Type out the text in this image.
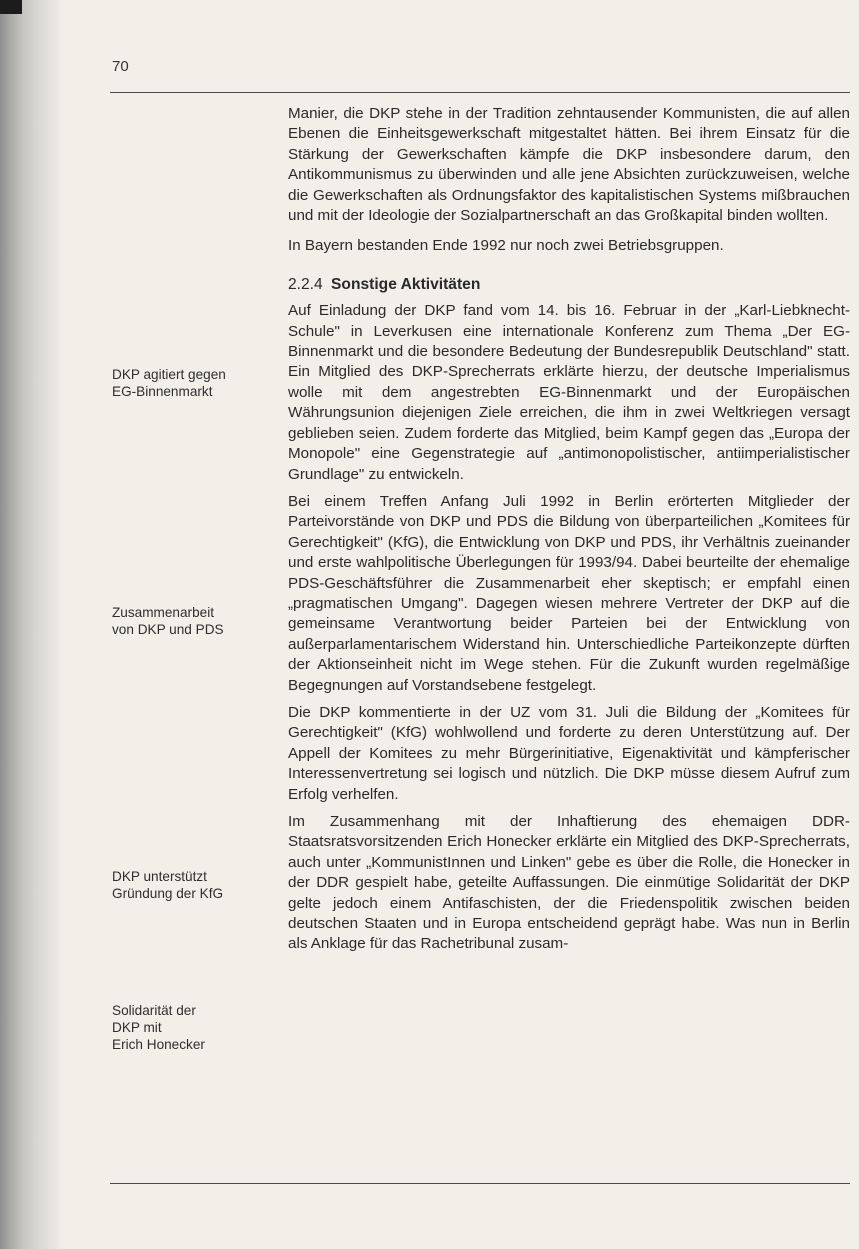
70
DKP agitiert gegen
EG-Binnenmarkt
Zusammenarbeit
von DKP und PDS
DKP unterstützt
Gründung der KfG
Solidarität der
DKP mit
Erich Honecker

Manier, die DKP stehe in der Tradition zehntausender Kommunisten, die auf allen Ebenen die Einheitsgewerkschaft mitgestaltet hätten. Bei ihrem Einsatz für die Stärkung der Gewerkschaften kämpfe die DKP insbesondere darum, den Antikommunismus zu überwinden und alle jene Absichten zurückzuweisen, welche die Gewerkschaften als Ordnungsfaktor des kapitalistischen Systems mißbrauchen und mit der Ideologie der Sozialpartnerschaft an das Großkapital binden wollten.

In Bayern bestanden Ende 1992 nur noch zwei Betriebsgruppen.

2.2.4 Sonstige Aktivitäten

Auf Einladung der DKP fand vom 14. bis 16. Februar in der „Karl-Liebknecht-Schule" in Leverkusen eine internationale Konferenz zum Thema „Der EG-Binnenmarkt und die besondere Bedeutung der Bundesrepublik Deutschland" statt. Ein Mitglied des DKP-Sprecherrats erklärte hierzu, der deutsche Imperialismus wolle mit dem angestrebten EG-Binnenmarkt und der Europäischen Währungsunion diejenigen Ziele erreichen, die ihm in zwei Weltkriegen versagt geblieben seien. Zudem forderte das Mitglied, beim Kampf gegen das „Europa der Monopole" eine Gegenstrategie auf „antimonopolistischer, antiimperialistischer Grundlage" zu entwickeln.

Bei einem Treffen Anfang Juli 1992 in Berlin erörterten Mitglieder der Parteivorstände von DKP und PDS die Bildung von überparteilichen „Komitees für Gerechtigkeit" (KfG), die Entwicklung von DKP und PDS, ihr Verhältnis zueinander und erste wahlpolitische Überlegungen für 1993/94. Dabei beurteilte der ehemalige PDS-Geschäftsführer die Zusammenarbeit eher skeptisch; er empfahl einen „pragmatischen Umgang". Dagegen wiesen mehrere Vertreter der DKP auf die gemeinsame Verantwortung beider Parteien bei der Entwicklung von außerparlamentarischem Widerstand hin. Unterschiedliche Parteikonzepte dürften der Aktionseinheit nicht im Wege stehen. Für die Zukunft wurden regelmäßige Begegnungen auf Vorstandsebene festgelegt.

Die DKP kommentierte in der UZ vom 31. Juli die Bildung der „Komitees für Gerechtigkeit" (KfG) wohlwollend und forderte zu deren Unterstützung auf. Der Appell der Komitees zu mehr Bürgerinitiative, Eigenaktivität und kämpferischer Interessenvertretung sei logisch und nützlich. Die DKP müsse diesem Aufruf zum Erfolg verhelfen.

Im Zusammenhang mit der Inhaftierung des ehemaigen DDR-Staatsratsvorsitzenden Erich Honecker erklärte ein Mitglied des DKP-Sprecherrats, auch unter „KommunistInnen und Linken" gebe es über die Rolle, die Honecker in der DDR gespielt habe, geteilte Auffassungen. Die einmütige Solidarität der DKP gelte jedoch einem Antifaschisten, der die Friedenspolitik zwischen beiden deutschen Staaten und in Europa entscheidend geprägt habe. Was nun in Berlin als Anklage für das Rachetribunal zusam-
